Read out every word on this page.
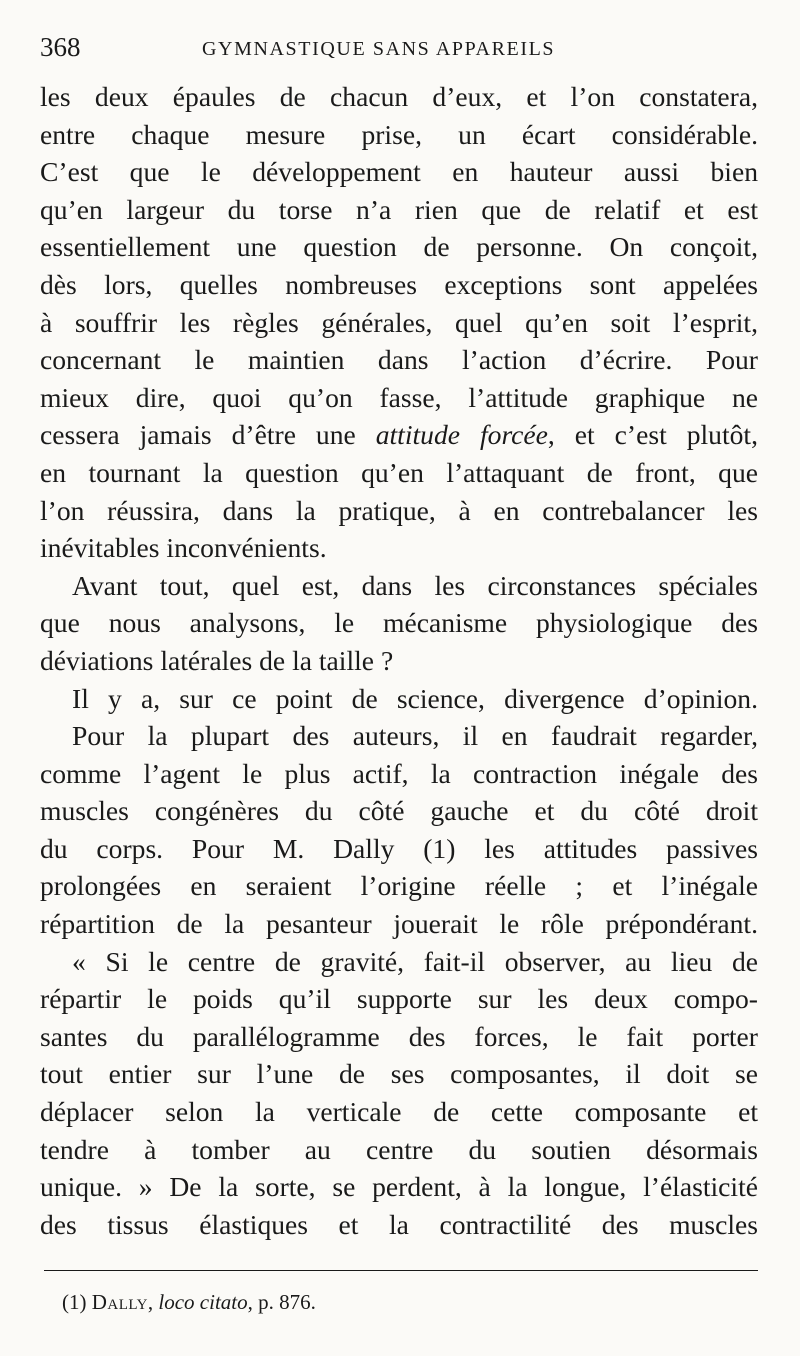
368	GYMNASTIQUE SANS APPAREILS
les deux épaules de chacun d’eux, et l’on constatera,
entre chaque mesure prise, un écart considérable.
C’est que le développement en hauteur aussi bien
qu’en largeur du torse n’a rien que de relatif et est
essentiellement une question de personne. On conçoit,
dès lors, quelles nombreuses exceptions sont appelées
à souffrir les règles générales, quel qu’en soit l’esprit,
concernant le maintien dans l’action d’écrire. Pour
mieux dire, quoi qu’on fasse, l’attitude graphique ne
cessera jamais d’être une attitude forcée, et c’est plutôt,
en tournant la question qu’en l’attaquant de front, que
l’on réussira, dans la pratique, à en contrebalancer les
inévitables inconvénients.
Avant tout, quel est, dans les circonstances spéciales
que nous analysons, le mécanisme physiologique des
déviations latérales de la taille ?
Il y a, sur ce point de science, divergence d’opinion.
Pour la plupart des auteurs, il en faudrait regarder,
comme l’agent le plus actif, la contraction inégale des
muscles congénères du côté gauche et du côté droit
du corps. Pour M. Dally (1) les attitudes passives
prolongées en seraient l’origine réelle ; et l’inégale
répartition de la pesanteur jouerait le rôle prépondérant.
« Si le centre de gravité, fait-il observer, au lieu de
répartir le poids qu’il supporte sur les deux compo-
santes du parallélogramme des forces, le fait porter
tout entier sur l’une de ses composantes, il doit se
déplacer selon la verticale de cette composante et
tendre à tomber au centre du soutien désormais
unique. » De la sorte, se perdent, à la longue, l’élasticité
des tissus élastiques et la contractilité des muscles
(1) Dally, loco citato, p. 876.
